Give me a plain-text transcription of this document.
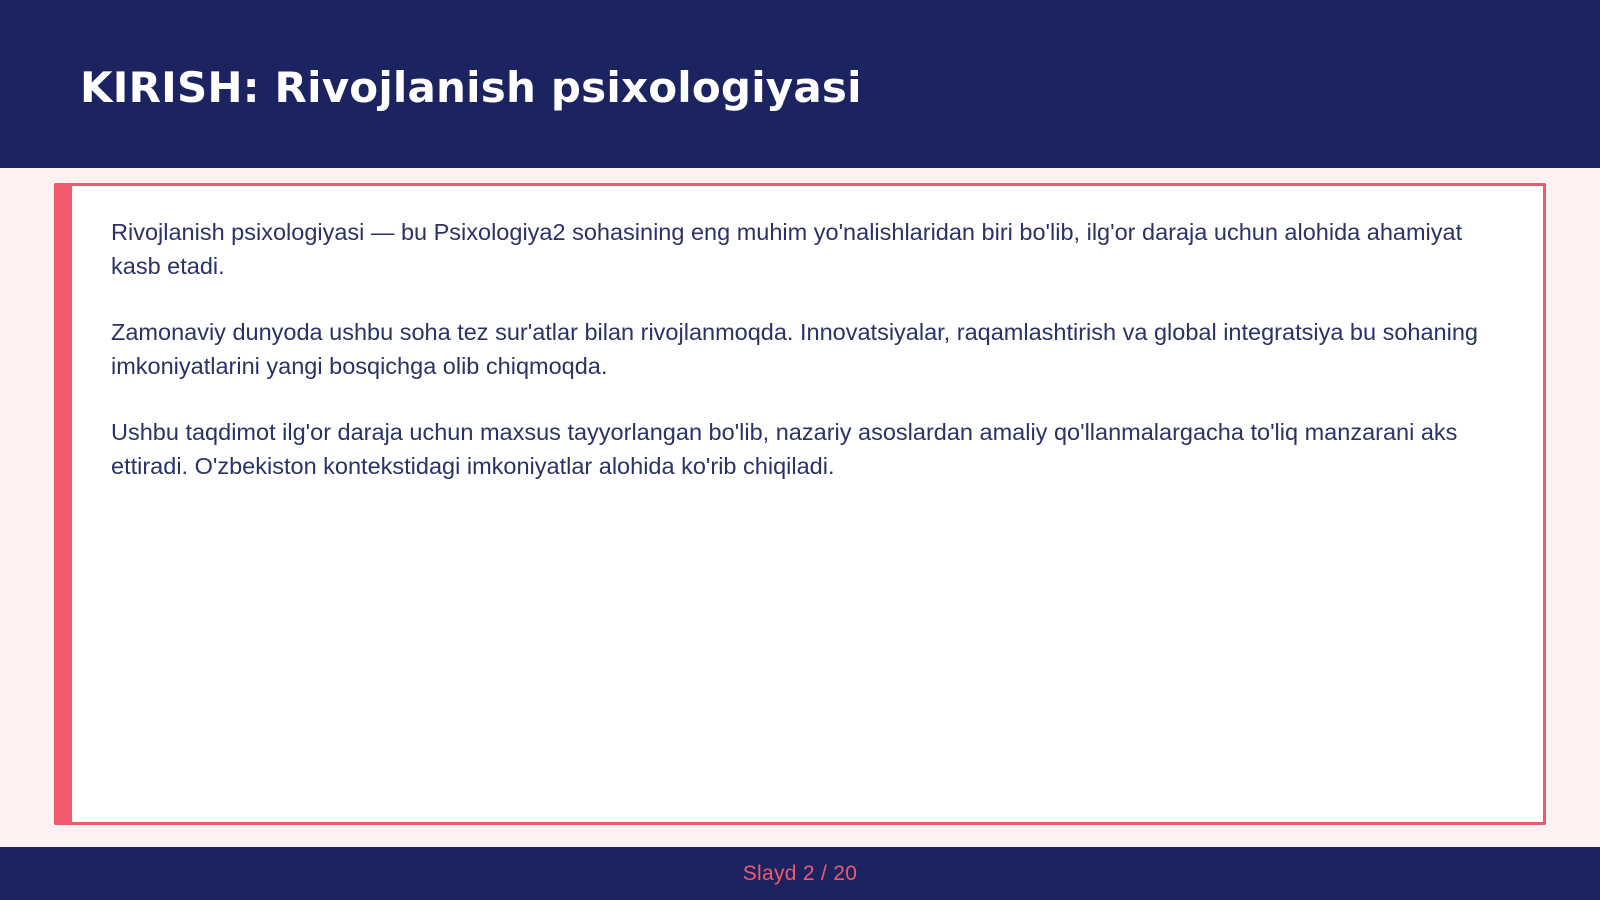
KIRISH: Rivojlanish psixologiyasi

Rivojlanish psixologiyasi — bu Psixologiya2 sohasining eng muhim yo'nalishlaridan biri bo'lib, ilg'or daraja uchun alohida ahamiyat kasb etadi.

Zamonaviy dunyoda ushbu soha tez sur'atlar bilan rivojlanmoqda. Innovatsiyalar, raqamlashtirish va global integratsiya bu sohaning imkoniyatlarini yangi bosqichga olib chiqmoqda.

Ushbu taqdimot ilg'or daraja uchun maxsus tayyorlangan bo'lib, nazariy asoslardan amaliy qo'llanmalargacha to'liq manzarani aks ettiradi. O'zbekiston kontekstidagi imkoniyatlar alohida ko'rib chiqiladi.

Slayd 2 / 20
